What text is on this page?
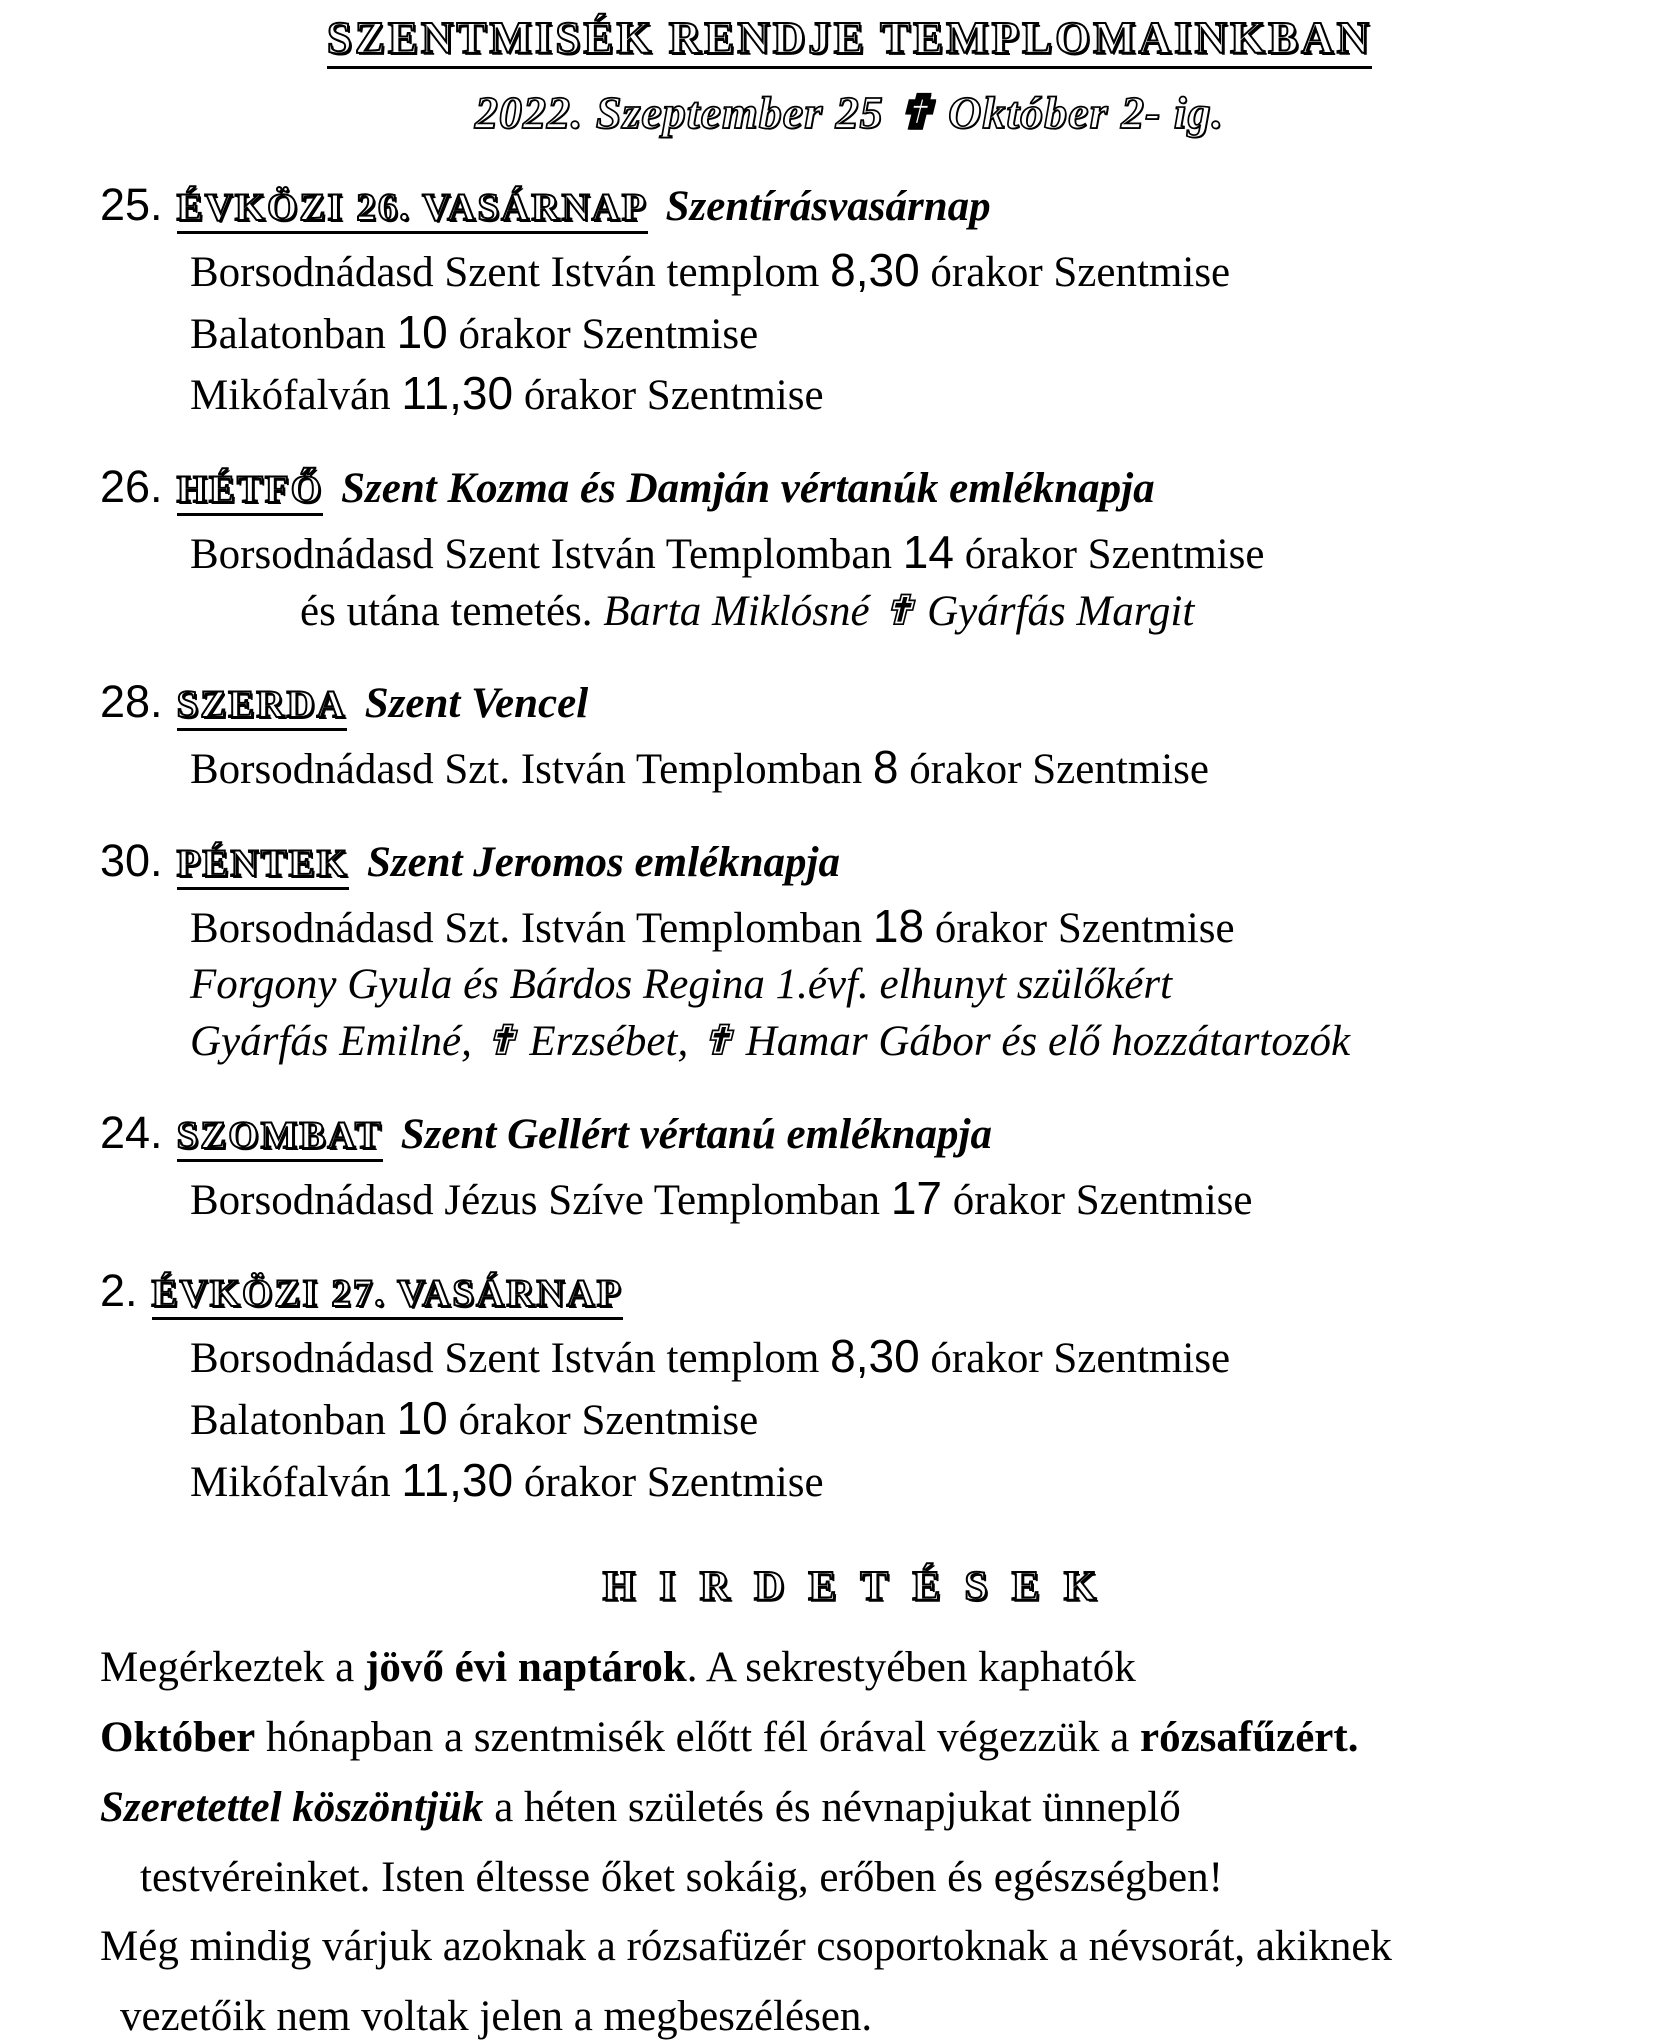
SZENTMISÉK RENDJE TEMPLOMAINKBAN
2022. Szeptember 25 ✟ Október 2- ig.
25. ÉVKÖZI 26. VASÁRNAP Szentírásvasárnap
Borsodnádasd Szent István templom 8,30 órakor Szentmise
Balatonban 10 órakor Szentmise
Mikófalván 11,30 órakor Szentmise
26. HÉTFŐ Szent Kozma és Damján vértanúk emléknapja
Borsodnádasd Szent István Templomban 14 órakor Szentmise
és utána temetés. Barta Miklósné ✟ Gyárfás Margit
28. SZERDA Szent Vencel
Borsodnádasd Szt. István Templomban 8 órakor Szentmise
30. PÉNTEK Szent Jeromos emléknapja
Borsodnádasd Szt. István Templomban 18 órakor Szentmise
Forgony Gyula és Bárdos Regina 1.évf. elhunyt szülőkért
Gyárfás Emilné, ✟ Erzsébet, ✟ Hamar Gábor és elő hozzátartozók
24. SZOMBAT Szent Gellért vértanú emléknapja
Borsodnádasd Jézus Szíve Templomban 17 órakor Szentmise
2. ÉVKÖZI 27. VASÁRNAP
Borsodnádasd Szent István templom 8,30 órakor Szentmise
Balatonban 10 órakor Szentmise
Mikófalván 11,30 órakor Szentmise
HIRDETÉSEK

Megérkeztek a jövő évi naptárok. A sekrestyében kaphatók

Október hónapban a szentmisék előtt fél órával végezzük a rózsafűzért.

Szeretettel köszöntjük a héten születés és névnapjukat ünneplő

testvéreinket. Isten éltesse őket sokáig, erőben és egészségben!

Még mindig várjuk azoknak a rózsafüzér csoportoknak a névsorát, akiknek

vezetőik nem voltak jelen a megbeszélésen.
